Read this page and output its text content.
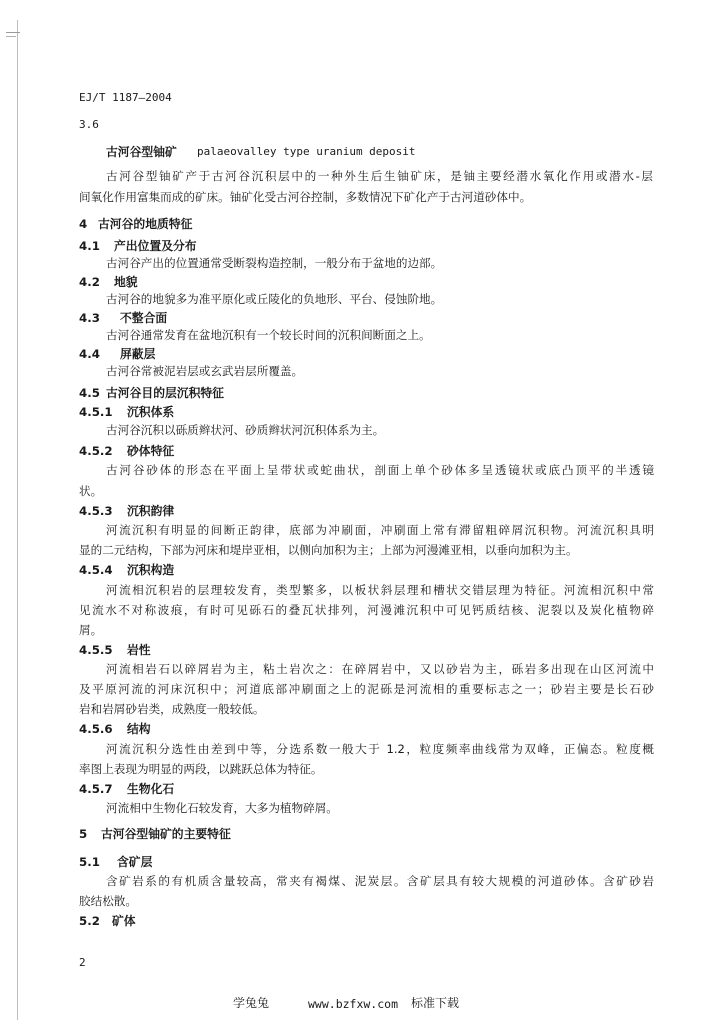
EJ/T 1187—2004
3.6
古河谷型铀矿 palaeovalley type uranium deposit
古河谷型铀矿产于古河谷沉积层中的一种外生后生铀矿床，是铀主要经潜水氧化作用或潜水-层
间氧化作用富集而成的矿床。铀矿化受古河谷控制，多数情况下矿化产于古河道砂体中。
4 古河谷的地质特征
4.1 产出位置及分布
古河谷产出的位置通常受断裂构造控制，一般分布于盆地的边部。
4.2 地貌
古河谷的地貌多为准平原化或丘陵化的负地形、平台、侵蚀阶地。
4.3 不整合面
古河谷通常发育在盆地沉积有一个较长时间的沉积间断面之上。
4.4 屏蔽层
古河谷常被泥岩层或玄武岩层所覆盖。
4.5 古河谷目的层沉积特征
4.5.1 沉积体系
古河谷沉积以砾质辫状河、砂质辫状河沉积体系为主。
4.5.2 砂体特征
古河谷砂体的形态在平面上呈带状或蛇曲状，剖面上单个砂体多呈透镜状或底凸顶平的半透镜
状。
4.5.3 沉积韵律
河流沉积有明显的间断正韵律，底部为冲刷面，冲刷面上常有滞留粗碎屑沉积物。河流沉积具明
显的二元结构，下部为河床和堤岸亚相，以侧向加积为主；上部为河漫滩亚相，以垂向加积为主。
4.5.4 沉积构造
河流相沉积岩的层理较发育，类型繁多，以板状斜层理和槽状交错层理为特征。河流相沉积中常
见流水不对称波痕，有时可见砾石的叠瓦状排列，河漫滩沉积中可见钙质结核、泥裂以及炭化植物碎
屑。
4.5.5 岩性
河流相岩石以碎屑岩为主，粘土岩次之：在碎屑岩中，又以砂岩为主，砾岩多出现在山区河流中
及平原河流的河床沉积中；河道底部冲刷面之上的泥砾是河流相的重要标志之一；砂岩主要是长石砂
岩和岩屑砂岩类，成熟度一般较低。
4.5.6 结构
河流沉积分选性由差到中等，分选系数一般大于 1.2，粒度频率曲线常为双峰，正偏态。粒度概
率图上表现为明显的两段，以跳跃总体为特征。
4.5.7 生物化石
河流相中生物化石较发育，大多为植物碎屑。
5 古河谷型铀矿的主要特征
5.1 含矿层
含矿岩系的有机质含量较高，常夹有褐煤、泥炭层。含矿层具有较大规模的河道砂体。含矿砂岩
胶结松散。
5.2 矿体
2
学兔兔	www.bzfxw.com 标准下载
